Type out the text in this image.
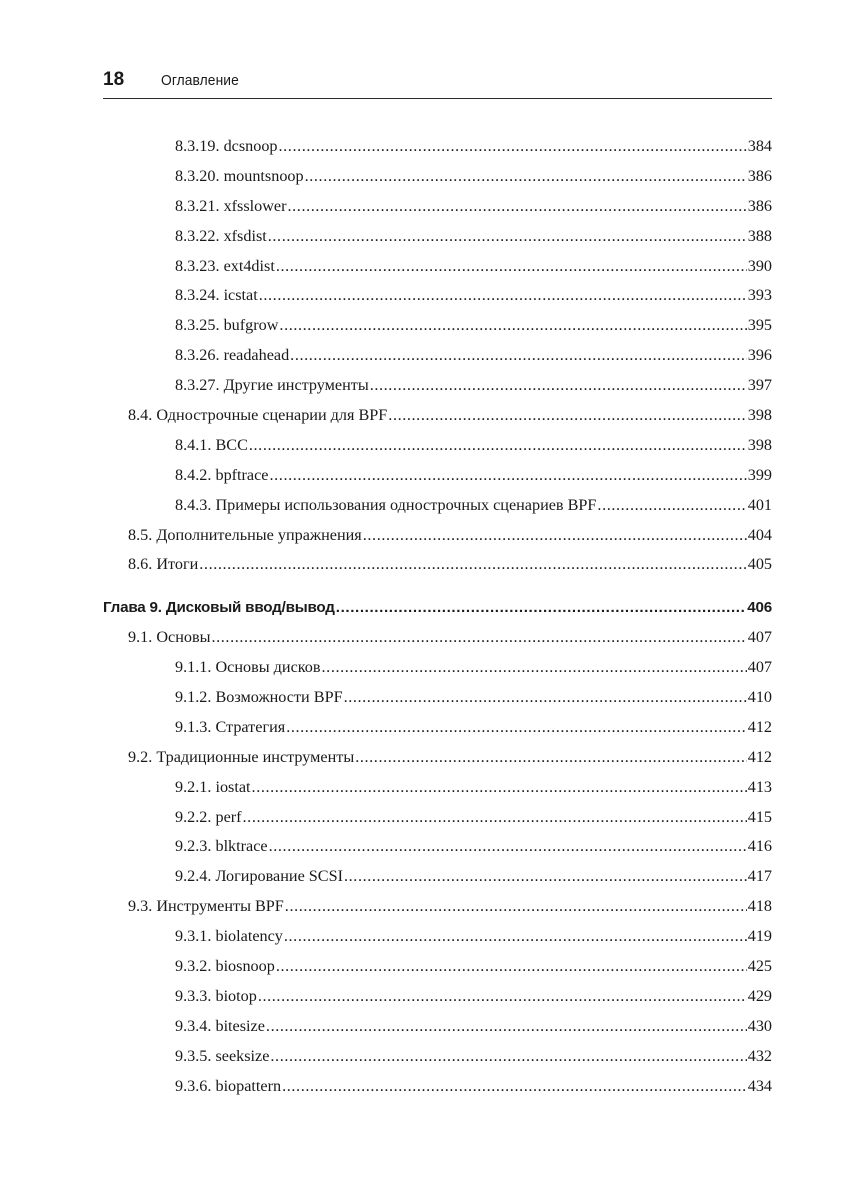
18 Оглавление
8.3.19. dcsnoop .....	384
8.3.20. mountsnoop .....	386
8.3.21. xfsslower .....	386
8.3.22. xfsdist .....	388
8.3.23. ext4dist .....	390
8.3.24. icstat .....	393
8.3.25. bufgrow .....	395
8.3.26. readahead .....	396
8.3.27. Другие инструменты .....	397
8.4. Однострочные сценарии для BPF .....	398
8.4.1. BCC .....	398
8.4.2. bpftrace .....	399
8.4.3. Примеры использования однострочных сценариев BPF .....	401
8.5. Дополнительные упражнения .....	404
8.6. Итоги .....	405
Глава 9. Дисковый ввод/вывод .....	406
9.1. Основы .....	407
9.1.1. Основы дисков .....	407
9.1.2. Возможности BPF .....	410
9.1.3. Стратегия .....	412
9.2. Традиционные инструменты .....	412
9.2.1. iostat .....	413
9.2.2. perf .....	415
9.2.3. blktrace .....	416
9.2.4. Логирование SCSI .....	417
9.3. Инструменты BPF .....	418
9.3.1. biolatency .....	419
9.3.2. biosnoop .....	425
9.3.3. biotop .....	429
9.3.4. bitesize .....	430
9.3.5. seeksize .....	432
9.3.6. biopattern .....	434
